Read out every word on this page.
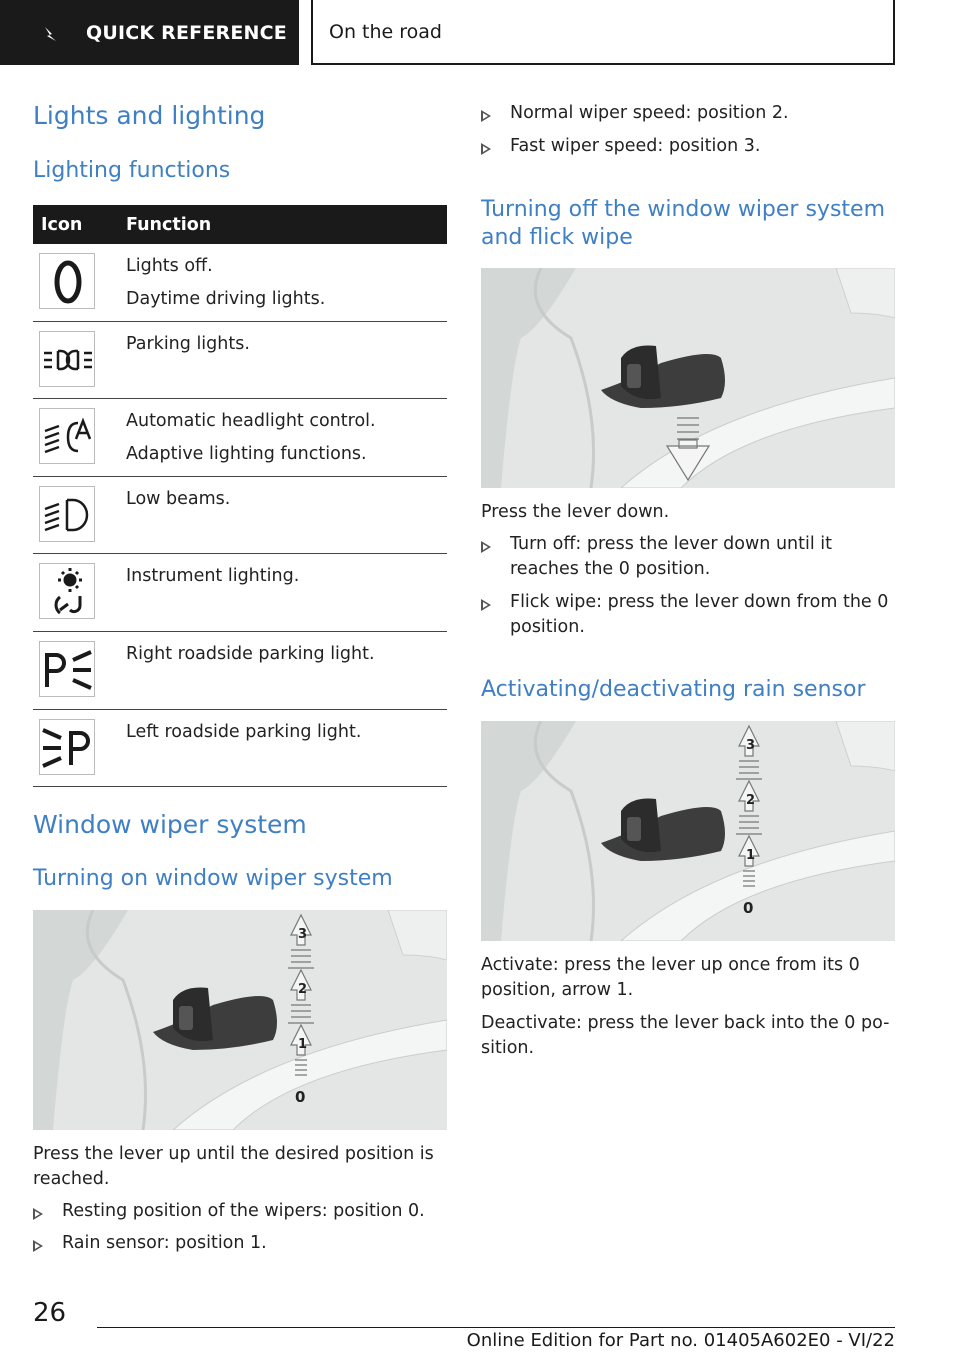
QUICK REFERENCE On the road
Lights and lighting
Lighting functions
Icon	Function
Lights off.
Daytime driving lights.
Parking lights.
Automatic headlight control.
Adaptive lighting functions.
Low beams.
Instrument lighting.
Right roadside parking light.
Left roadside parking light.
Window wiper system
Turning on window wiper system
3
2
1
0
Press the lever up until the desired position is reached.
Resting position of the wipers: position 0.
Rain sensor: position 1.
Normal wiper speed: position 2.
Fast wiper speed: position 3.
Turning off the window wiper system and flick wipe
Press the lever down.
Turn off: press the lever down until it reaches the 0 position.
Flick wipe: press the lever down from the 0 position.
Activating/deactivating rain sensor
3
2
1
0
Activate: press the lever up once from its 0 position, arrow 1.
Deactivate: press the lever back into the 0 po-sition.
26
Online Edition for Part no. 01405A602E0 - VI/22
